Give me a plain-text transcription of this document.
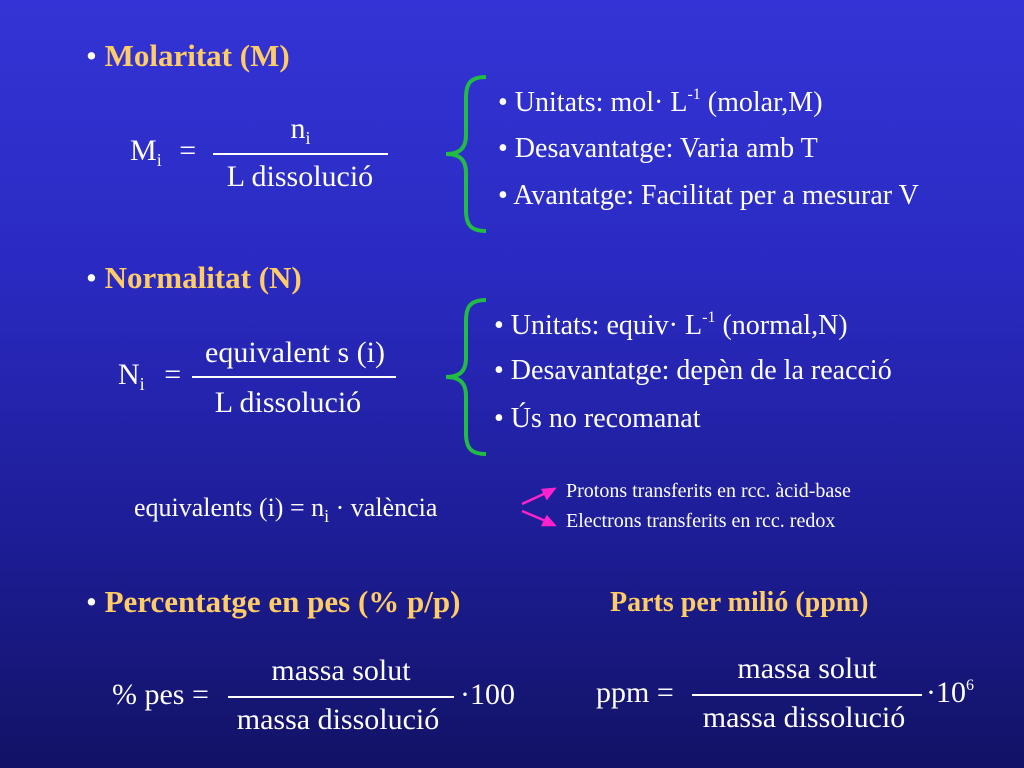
• Molaritat (M)
$M_i$ =
$n_i$
L dissolució
• Unitats: $mol\cdot L^{-1}$ (molar,M)
• Desavantatge: Varia amb T
• Avantatge: Facilitat per a mesurar V
• Normalitat (N)
$N_i$ =
equivalent s (i)
L dissolució
• Unitats: equiv· $L^{-1}$ (normal,N)
• Desavantatge: depèn de la reacció
• Ús no recomanat
equivalents $(i) = n_i$ · valència
Protons transferits en rcc. àcid-base
Electrons transferits en rcc. redox
• Percentatge en pes (% p/p)
% pes =
massa solut
massa dissolució
·100
Parts per milió (ppm)
ppm =
massa solut
massa dissolució
$\cdot 10^6$
